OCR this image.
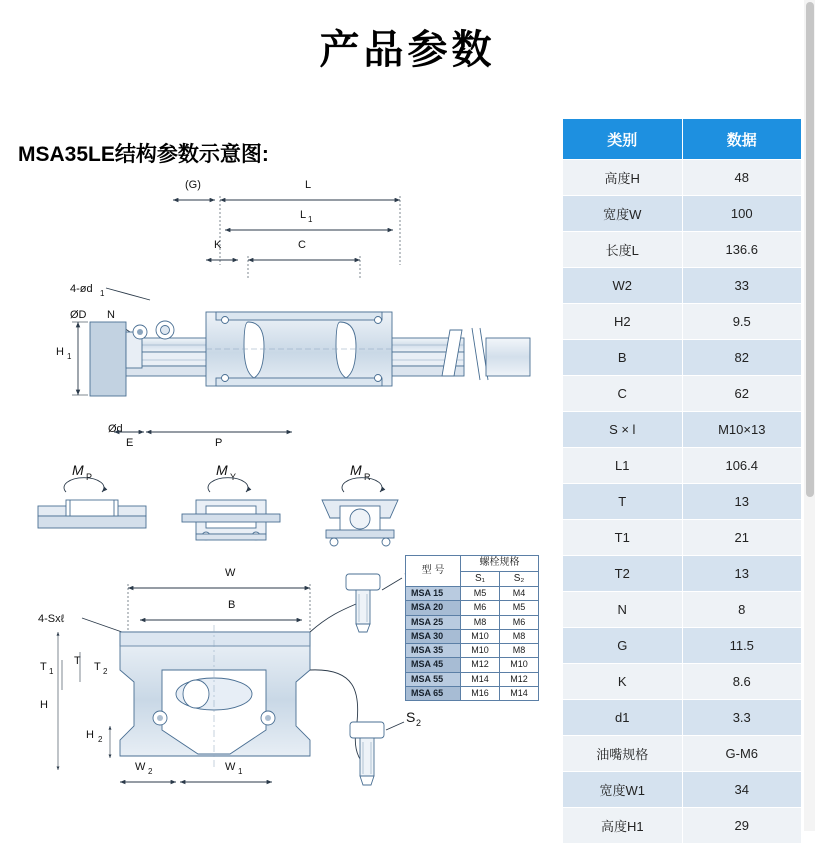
产品参数
MSA35LE结构参数示意图:
(G)	L
L 1
C
K
4-ød 1
N
ØD
Ød
H 1
E	P
M P	M Y	M R
W
B
4-Sxℓ
T 1
T T 2
H
H 2
W 2	W 1
S 2
型 号	螺栓规格	
	S₁	S₂
MSA 15	M5	M4
MSA 20	M6	M5
MSA 25	M8	M6
MSA 30	M10	M8
MSA 35	M10	M8
MSA 45	M12	M10
MSA 55	M14	M12
MSA 65	M16	M14
类别	数据
高度H	48
宽度W	100
长度L	136.6
W2	33
H2	9.5
B	82
C	62
S × l	M10×13
L1	106.4
T	13
T1	21
T2	13
N	8
G	11.5
K	8.6
d1	3.3
油嘴规格	G-M6
宽度W1	34
高度H1	29
